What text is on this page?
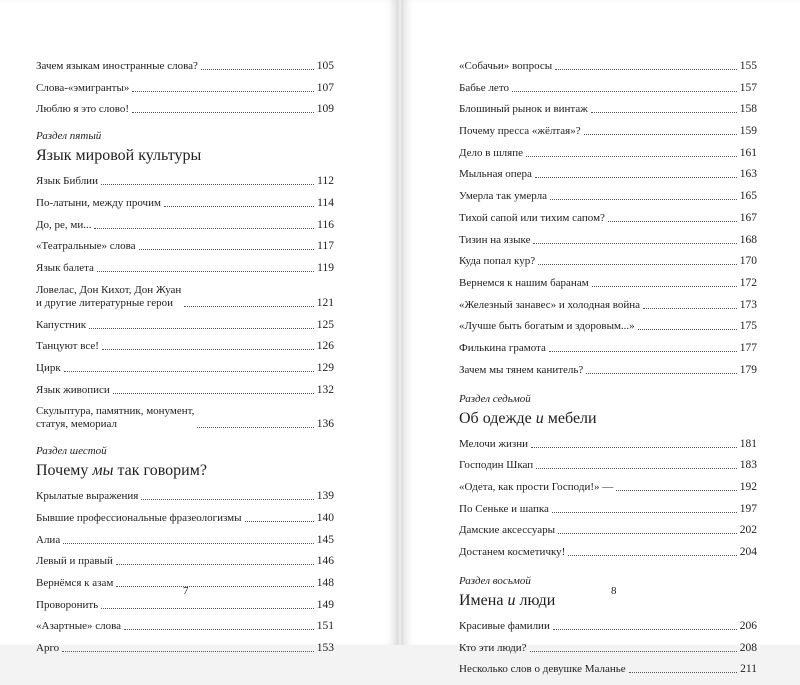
Зачем языкам иностранные слова?	105
Слова-«эмигранты»	107
Люблю я это слово!	109
Раздел пятый
Язык мировой культуры
Язык Библии	112
По-латыни, между прочим	114
До, ре, ми...	116
«Театральные» слова	117
Язык балета	119
Ловелас, Дон Кихот, Дон Жуан
и другие литературные герои	121
Капустник	125
Танцуют все!	126
Цирк	129
Язык живописи	132
Скульптура, памятник, монумент,
статуя, мемориал	136
Раздел шестой
Почему мы так говорим?
Крылатые выражения	139
Бывшие профессиональные фразеологизмы	140
Алиа	145
Левый и правый	146
Вернёмся к азам	148
Проворонить	149
«Азартные» слова	151
Арго	153
7
«Собачьи» вопросы	155
Бабье лето	157
Блошиный рынок и винтаж	158
Почему пресса «жёлтая»?	159
Дело в шляпе	161
Мыльная опера	163
Умерла так умерла	165
Тихой сапой или тихим сапом?	167
Тизин на языке	168
Куда попал кур?	170
Вернемся к нашим баранам	172
«Железный занавес» и холодная война	173
«Лучше быть богатым и здоровым...»	175
Филькина грамота	177
Зачем мы тянем канитель?	179
Раздел седьмой
Об одежде и мебели
Мелочи жизни	181
Господин Шкап	183
«Одета, как прости Господи!» —	192
По Сеньке и шапка	197
Дамские аксессуары	202
Достанем косметичку!	204
Раздел восьмой
Имена и люди
Красивые фамилии	206
Кто эти люди?	208
Несколько слов о девушке Маланье	211
8
